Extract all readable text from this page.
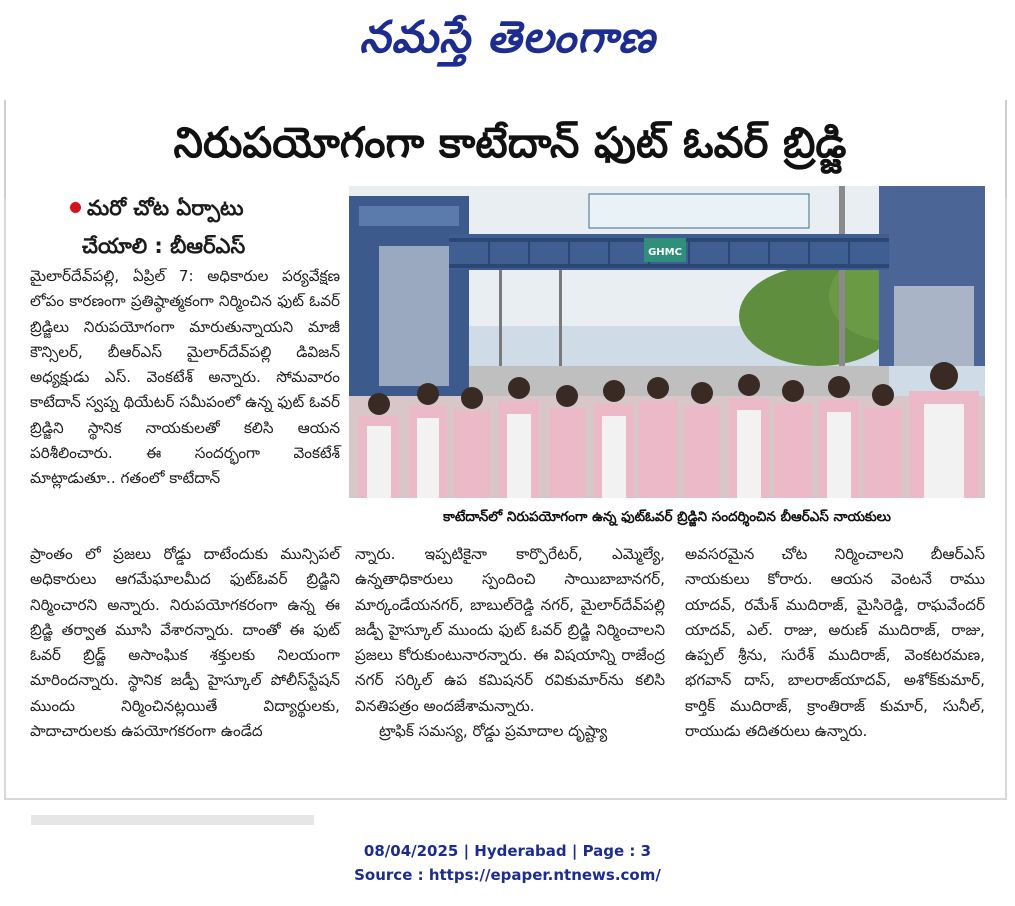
నమస్తే తెలంగాణ
నిరుపయోగంగా కాటేదాన్ ఫుట్ ఓవర్ బ్రిడ్జి
మరో చోట ఏర్పాటు
చేయాలి : బీఆర్ఎస్	GHMC
కాటేదాన్‌లో నిరుపయోగంగా ఉన్న ఫుట్‌ఓవర్ బ్రిడ్జిని సందర్శించిన బీఆర్ఎస్ నాయకులు

మైలార్‌దేవ్‌పల్లి, ఏప్రిల్ 7: అధికారుల పర్యవేక్షణ లోపం కారణంగా ప్రతిష్ఠాత్మకంగా నిర్మించిన ఫుట్ ఓవర్ బ్రిడ్జిలు నిరుపయోగంగా మారుతున్నాయని మాజీ కౌన్సిలర్, బీఆర్ఎస్ మైలార్‌దేవ్‌పల్లి డివిజన్ అధ్యక్షుడు ఎస్. వెంకటేశ్ అన్నారు. సోమవారం కాటేదాన్ స్వప్న థియేటర్ సమీపంలో ఉన్న ఫుట్ ఓవర్ బ్రిడ్జిని స్థానిక నాయకులతో కలిసి ఆయన పరిశీలించారు. ఈ సందర్భంగా వెంకటేశ్ మాట్లాడుతూ.. గతంలో కాటేదాన్

ప్రాంతం లో ప్రజలు రోడ్డు దాటేందుకు మున్సిపల్ అధికారులు ఆగమేఘాలమీద ఫుట్‌ఓవర్ బ్రిడ్జిని నిర్మించారని అన్నారు. నిరుపయోగకరంగా ఉన్న ఈ బ్రిడ్జి తర్వాత మూసి వేశారన్నారు. దాంతో ఈ ఫుట్ ఓవర్ బ్రిడ్జ్ అసాంఘిక శక్తులకు నిలయంగా మారిందన్నారు. స్థానిక జడ్పీ హైస్కూల్ పోలీస్‌స్టేషన్ ముందు నిర్మించినట్లయితే విద్యార్థులకు, పాదాచారులకు ఉపయోగకరంగా ఉండేద

న్నారు. ఇప్పటికైనా కార్పొరేటర్, ఎమ్మెల్యే, ఉన్నతాధికారులు స్పందించి సాయిబాబానగర్, మార్కండేయనగర్, బాబుల్‌రెడ్డి నగర్, మైలార్‌దేవ్‌పల్లి జడ్పీ హైస్కూల్ ముందు ఫుట్ ఓవర్ బ్రిడ్జి నిర్మించాలని ప్రజలు కోరుకుంటునారన్నారు. ఈ విషయాన్ని రాజేంద్ర నగర్ సర్కిల్ ఉప కమిషనర్ రవికుమార్‌ను కలిసి వినతిపత్రం అందజేశామన్నారు.

ట్రాఫిక్ సమస్య, రోడ్డు ప్రమాదాల దృష్ట్యా

అవసరమైన చోట నిర్మించాలని బీఆర్ఎస్ నాయకులు కోరారు. ఆయన వెంటనే రాము యాదవ్, రమేశ్ ముదిరాజ్, మైసిరెడ్డి, రాఘవేందర్ యాదవ్, ఎల్. రాజు, అరుణ్ ముదిరాజ్, రాజు, ఉప్పల్ శ్రీను, సురేశ్ ముదిరాజ్, వెంకటరమణ, భగవాన్ దాస్, బాలరాజ్‌యాదవ్, అశోక్‌కుమార్, కార్తిక్ ముదిరాజ్, క్రాంతిరాజ్ కుమార్, సునీల్, రాయుడు తదితరులు ఉన్నారు.

08/04/2025 | Hyderabad | Page : 3
Source : https://epaper.ntnews.com/
